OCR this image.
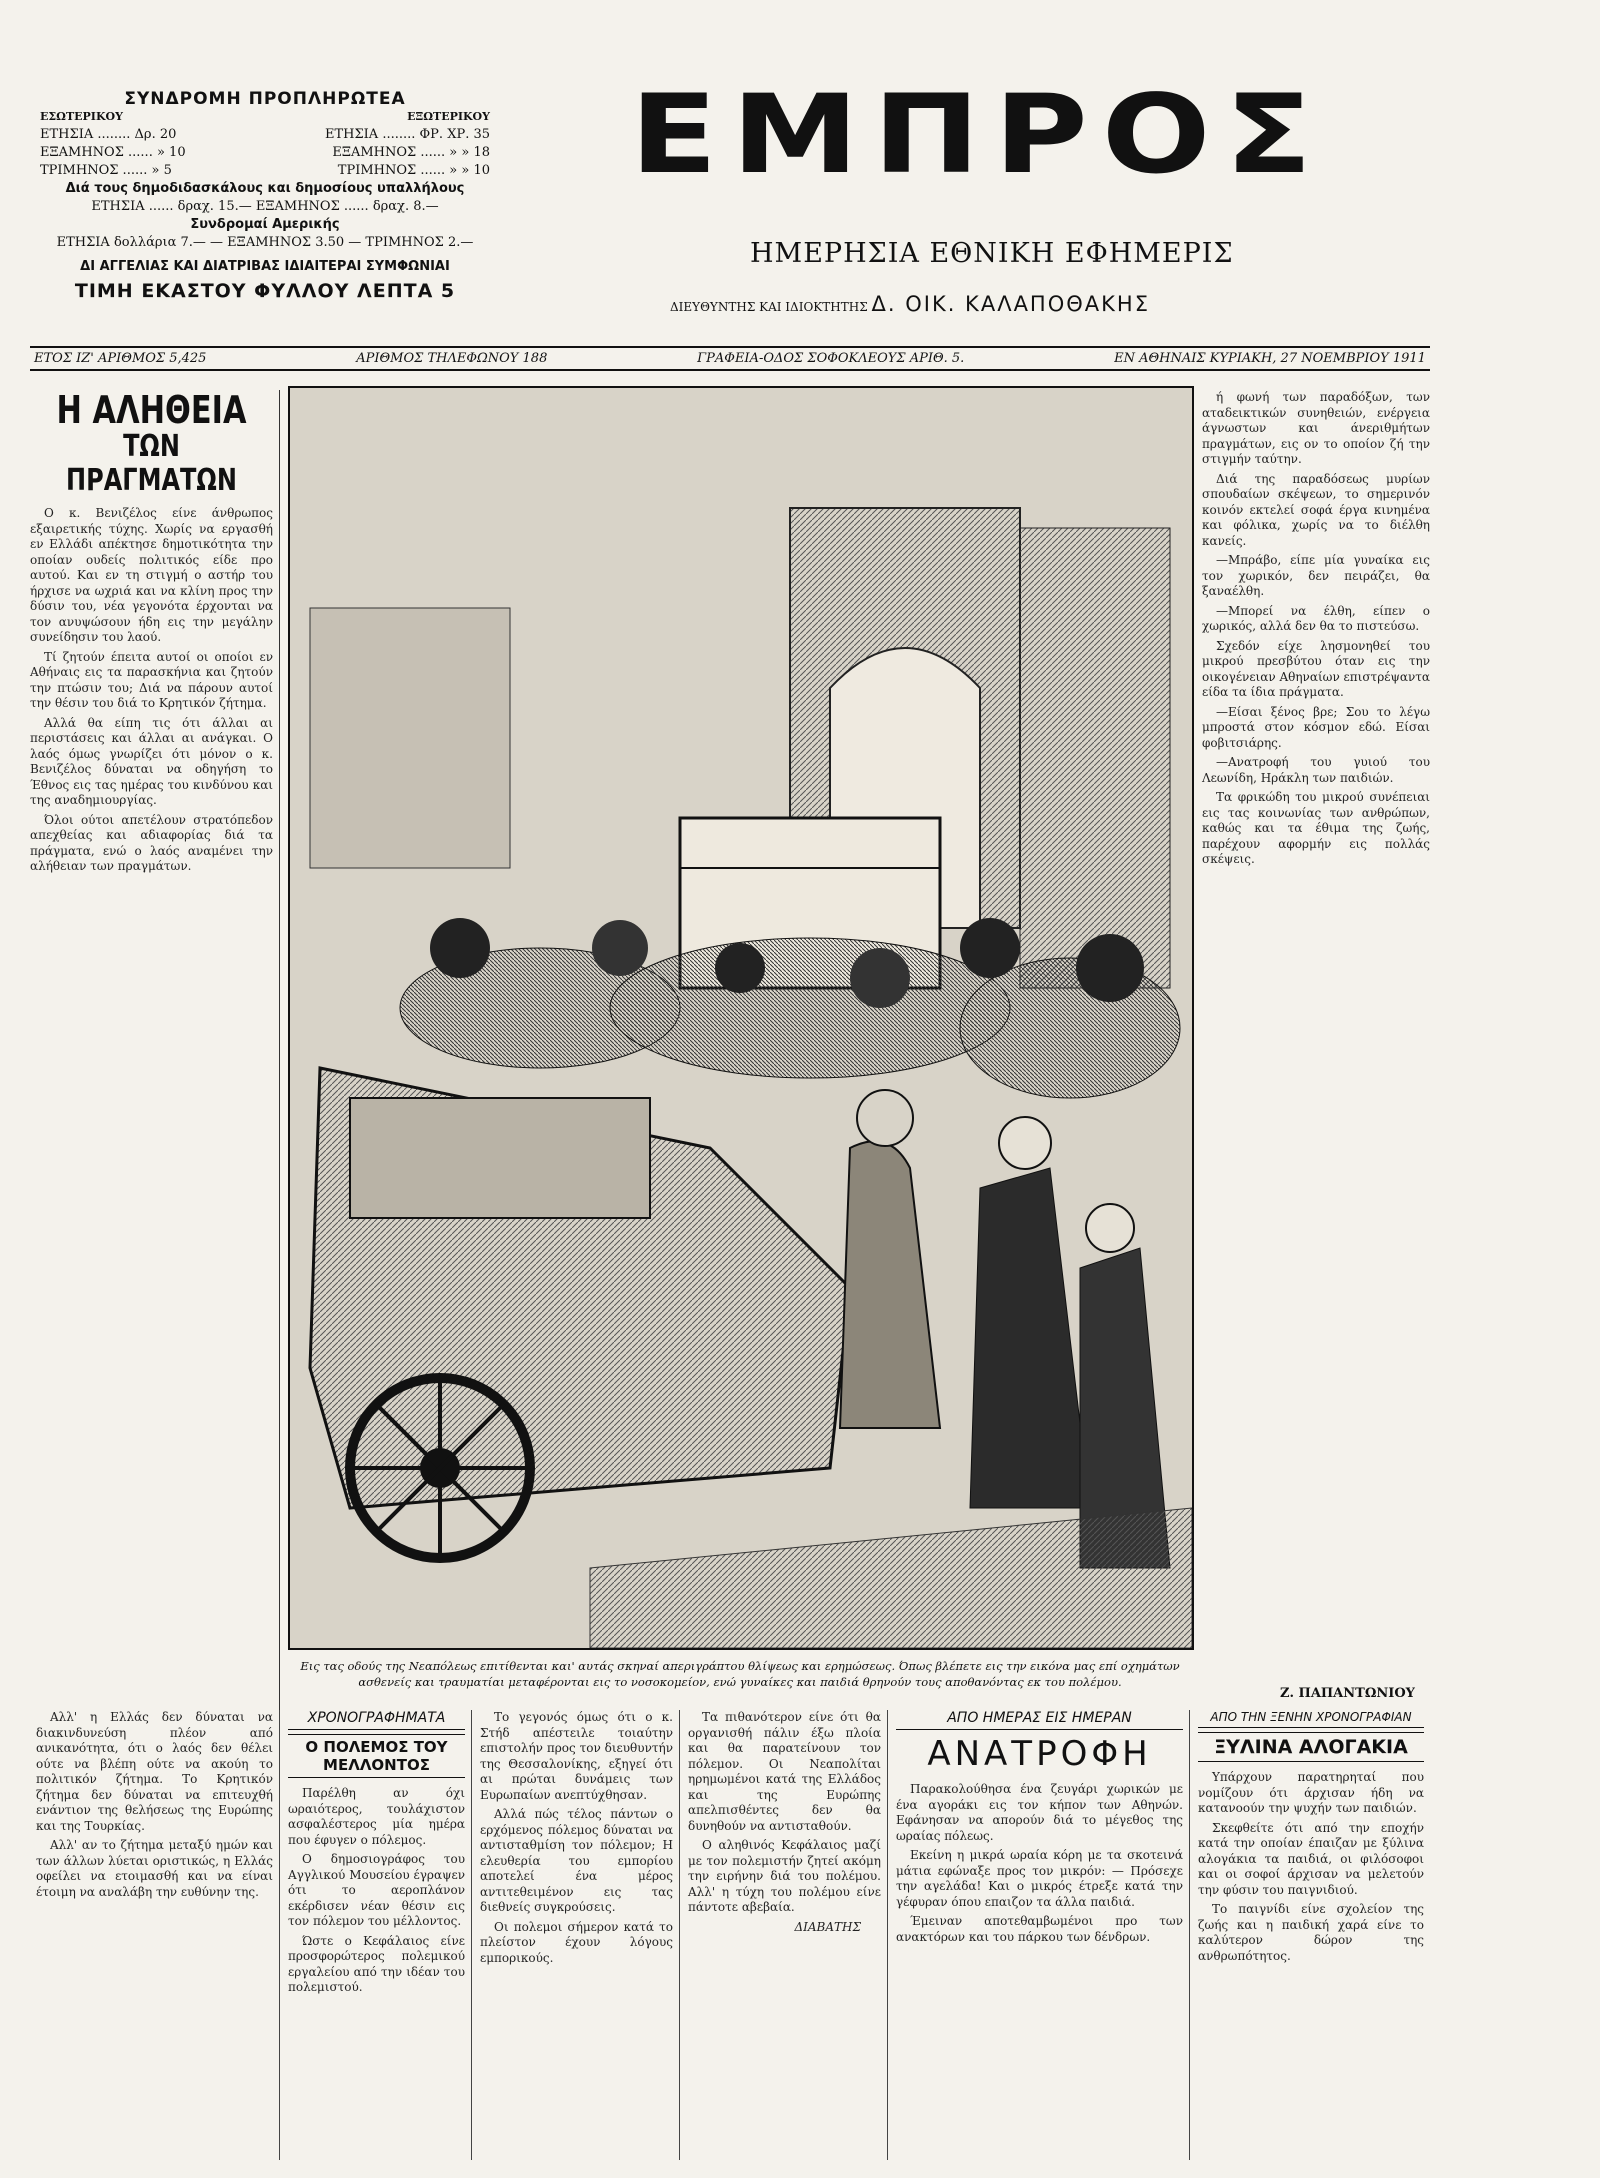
ΣΥΝΔΡΟΜΗ ΠΡΟΠΛΗΡΩΤΕΑ
ΕΣΩΤΕΡΙΚΟΥ	ΕΞΩΤΕΡΙΚΟΥ
ΕΤΗΣΙΑ ........ Δρ. 20	ΕΤΗΣΙΑ ........ ΦΡ. ΧΡ. 35
ΕΞΑΜΗΝΟΣ ...... » 10	ΕΞΑΜΗΝΟΣ ...... » » 18
ΤΡΙΜΗΝΟΣ ...... » 5	ΤΡΙΜΗΝΟΣ ...... » » 10
Διά τους δημοδιδασκάλους και δημοσίους υπαλλήλους
ΕΤΗΣΙΑ ...... δραχ. 15.— ΕΞΑΜΗΝΟΣ ...... δραχ. 8.—
Συνδρομαί Αμερικής
ΕΤΗΣΙΑ δολλάρια 7.— — ΕΞΑΜΗΝΟΣ 3.50 — ΤΡΙΜΗΝΟΣ 2.—
ΔΙ ΑΓΓΕΛΙΑΣ ΚΑΙ ΔΙΑΤΡΙΒΑΣ ΙΔΙΑΙΤΕΡΑΙ ΣΥΜΦΩΝΙΑΙ
ΤΙΜΗ ΕΚΑΣΤΟΥ ΦΥΛΛΟΥ ΛΕΠΤΑ 5
ΕΜΠΡΟΣ
ΗΜΕΡΗΣΙΑ ΕΘΝΙΚΗ ΕΦΗΜΕΡΙΣ
ΔΙΕΥΘΥΝΤΗΣ ΚΑΙ ΙΔΙΟΚΤΗΤΗΣ Δ. ΟΙΚ. ΚΑΛΑΠΟΘΑΚΗΣ
ΕΤΟΣ ΙΖ' ΑΡΙΘΜΟΣ 5,425	ΑΡΙΘΜΟΣ ΤΗΛΕΦΩΝΟΥ 188	ΓΡΑΦΕΙΑ-ΟΔΟΣ ΣΟΦΟΚΛΕΟΥΣ ΑΡΙΘ. 5.	ΕΝ ΑΘΗΝΑΙΣ ΚΥΡΙΑΚΗ, 27 ΝΟΕΜΒΡΙΟΥ 1911
Η ΑΛΗΘΕΙΑ
ΤΩΝ ΠΡΑΓΜΑΤΩΝ

Ο κ. Βενιζέλος είνε άνθρωπος εξαιρετικής τύχης. Χωρίς να εργασθή εν Ελλάδι απέκτησε δημοτικότητα την οποίαν ουδείς πολιτικός είδε προ αυτού. Και εν τη στιγμή ο αστήρ του ήρχισε να ωχριά και να κλίνη προς την δύσιν του, νέα γεγονότα έρχονται να τον ανυψώσουν ήδη εις την μεγάλην συνείδησιν του λαού.

Τί ζητούν έπειτα αυτοί οι οποίοι εν Αθήναις εις τα παρασκήνια και ζητούν την πτώσιν του; Διά να πάρουν αυτοί την θέσιν του διά το Κρητικόν ζήτημα.

Αλλά θα είπη τις ότι άλλαι αι περιστάσεις και άλλαι αι ανάγκαι. Ο λαός όμως γνωρίζει ότι μόνον ο κ. Βενιζέλος δύναται να οδηγήση το Έθνος εις τας ημέρας του κινδύνου και της αναδημιουργίας.

Όλοι ούτοι απετέλουν στρατόπεδον απεχθείας και αδιαφορίας διά τα πράγματα, ενώ ο λαός αναμένει την αλήθειαν των πραγμάτων.

Εις τας οδούς της Νεαπόλεως επιτίθενται και' αυτάς σκηναί απεριγράπτου θλίψεως και ερημώσεως. Όπως βλέπετε εις την εικόνα μας επί οχημάτων ασθενείς και τραυματίαι μεταφέρονται εις το νοσοκομείον, ενώ γυναίκες και παιδιά θρηνούν τους αποθανόντας εκ του πολέμου.

ή φωνή των παραδόξων, των αταδεικτικών συνηθειών, ενέργεια άγνωστων και άνεριθμήτων πραγμάτων, εις ον το οποίον ζή την στιγμήν ταύτην.

Διά της παραδόσεως μυρίων σπουδαίων σκέψεων, το σημερινόν κοινόν εκτελεί σοφά έργα κινημένα και φόλικα, χωρίς να το διέλθη κανείς.

—Μπράβο, είπε μία γυναίκα εις τον χωρικόν, δεν πειράζει, θα ξαναέλθη.

—Μπορεί να έλθη, είπεν ο χωρικός, αλλά δεν θα το πιστεύσω.

Σχεδόν είχε λησμονηθεί του μικρού πρεσβύτου όταν εις την οικογένειαν Αθηναίων επιστρέψαντα είδα τα ίδια πράγματα.

—Είσαι ξένος βρε; Σου το λέγω μπροστά στον κόσμον εδώ. Είσαι φοβιτσιάρης.

—Ανατροφή του γυιού του Λεωνίδη, Ηράκλη των παιδιών.

Τα φρικώδη του μικρού συνέπειαι εις τας κοινωνίας των ανθρώπων, καθώς και τα έθιμα της ζωής, παρέχουν αφορμήν εις πολλάς σκέψεις.

Ζ. ΠΑΠΑΝΤΩΝΙΟΥ

Αλλ' η Ελλάς δεν δύναται να διακινδυνεύση πλέον από ανικανότητα, ότι ο λαός δεν θέλει ούτε να βλέπη ούτε να ακούη το πολιτικόν ζήτημα. Το Κρητικόν ζήτημα δεν δύναται να επιτευχθή ενάντιον της θελήσεως της Ευρώπης και της Τουρκίας.

Αλλ' αν το ζήτημα μεταξύ ημών και των άλλων λύεται οριστικώς, η Ελλάς οφείλει να ετοιμασθή και να είναι έτοιμη να αναλάβη την ευθύνην της.

ΧΡΟΝΟΓΡΑΦΗΜΑΤΑ
Ο ΠΟΛΕΜΟΣ ΤΟΥ ΜΕΛΛΟΝΤΟΣ

Παρέλθη αν όχι ωραιότερος, τουλάχιστον ασφαλέστερος μία ημέρα που έφυγεν ο πόλεμος.

Ο δημοσιογράφος του Αγγλικού Μουσείου έγραψεν ότι το αεροπλάνον εκέρδισεν νέαν θέσιν εις τον πόλεμον του μέλλοντος.

Ώστε ο Κεφάλαιος είνε προσφορώτερος πολεμικού εργαλείου από την ιδέαν του πολεμιστού.

Το γεγονός όμως ότι ο κ. Στήδ απέστειλε τοιαύτην επιστολήν προς τον διευθυντήν της Θεσσαλονίκης, εξηγεί ότι αι πρώται δυνάμεις των Ευρωπαίων ανεπτύχθησαν.

Αλλά πώς τέλος πάντων ο ερχόμενος πόλεμος δύναται να αντισταθμίση τον πόλεμον; Η ελευθερία του εμπορίου αποτελεί ένα μέρος αντιτεθειμένον εις τας διεθνείς συγκρούσεις.

Οι πολεμοι σήμερον κατά το πλείστον έχουν λόγους εμπορικούς.

Τα πιθανότερον είνε ότι θα οργανισθή πάλιν έξω πλοία και θα παρατείνουν τον πόλεμον. Οι Νεαπολίται ηρημωμένοι κατά της Ελλάδος και της Ευρώπης απελπισθέντες δεν θα δυνηθούν να αντισταθούν.

Ο αληθινός Κεφάλαιος μαζί με τον πολεμιστήν ζητεί ακόμη την ειρήνην διά του πολέμου. Αλλ' η τύχη του πολέμου είνε πάντοτε αβεβαία.

ΔΙΑΒΑΤΗΣ
ΑΠΟ ΗΜΕΡΑΣ ΕΙΣ ΗΜΕΡΑΝ
ΑΝΑΤΡΟΦΗ

Παρακολούθησα ένα ζευγάρι χωρικών με ένα αγοράκι εις τον κήπον των Αθηνών. Εφάνησαν να απορούν διά το μέγεθος της ωραίας πόλεως.

Εκείνη η μικρά ωραία κόρη με τα σκοτεινά μάτια εφώναξε προς τον μικρόν: — Πρόσεχε την αγελάδα! Και ο μικρός έτρεξε κατά την γέφυραν όπου επαιζον τα άλλα παιδιά.

Έμειναν αποτεθαμβωμένοι προ των ανακτόρων και του πάρκου των δένδρων.

ΑΠΟ ΤΗΝ ΞΕΝΗΝ ΧΡΟΝΟΓΡΑΦΙΑΝ
ΞΥΛΙΝΑ ΑΛΟΓΑΚΙΑ

Υπάρχουν παρατηρηταί που νομίζουν ότι άρχισαν ήδη να κατανοούν την ψυχήν των παιδιών.

Σκεφθείτε ότι από την εποχήν κατά την οποίαν έπαιζαν με ξύλινα αλογάκια τα παιδιά, οι φιλόσοφοι και οι σοφοί άρχισαν να μελετούν την φύσιν του παιγνιδιού.

Το παιγνίδι είνε σχολείον της ζωής και η παιδική χαρά είνε το καλύτερον δώρον της ανθρωπότητος.
